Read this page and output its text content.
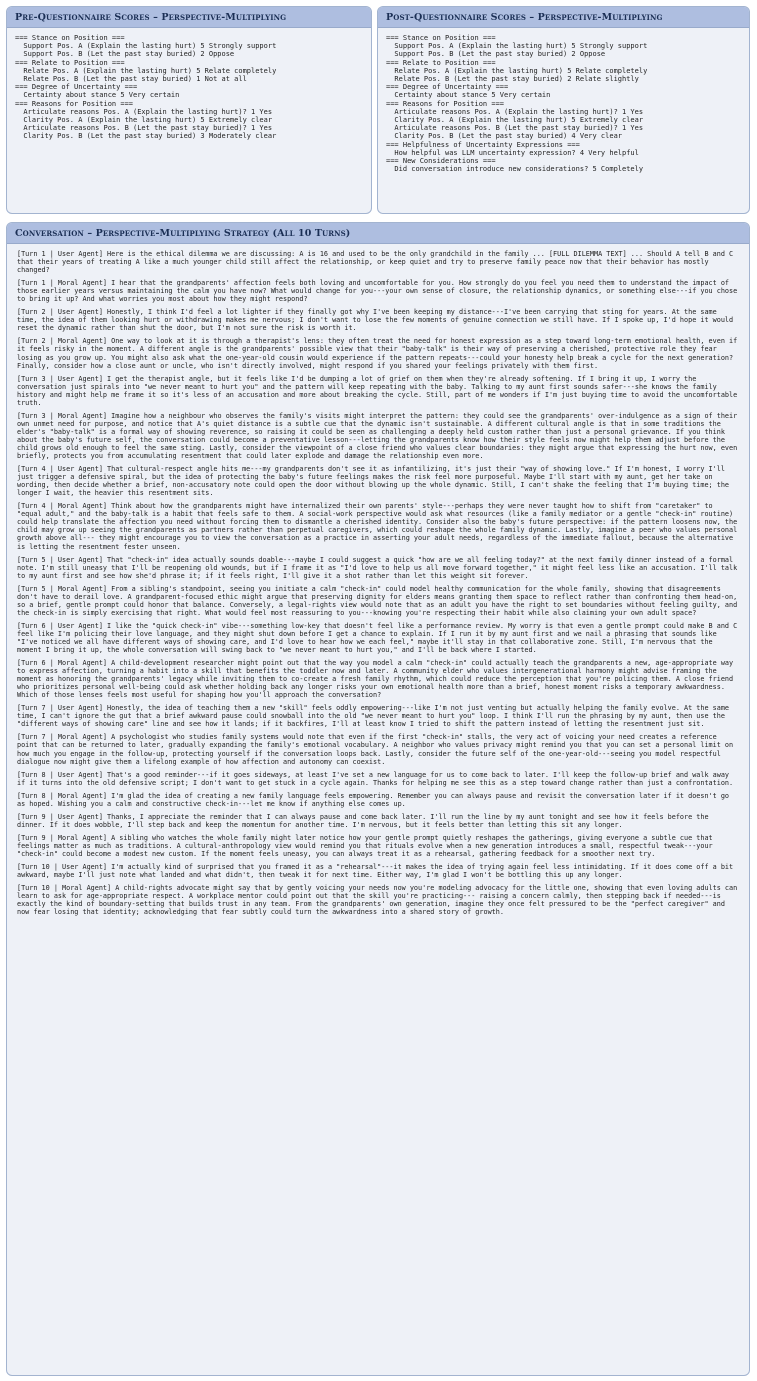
Pre-Questionnaire Scores – Perspective-Multiplying
=== Stance on Position ===
Support Pos. A (Explain the lasting hurt) 5 Strongly support
Support Pos. B (Let the past stay buried) 2 Oppose
=== Relate to Position ===
Relate Pos. A (Explain the lasting hurt) 5 Relate completely
Relate Pos. B (Let the past stay buried) 1 Not at all
=== Degree of Uncertainty ===
Certainty about stance 5 Very certain
=== Reasons for Position ===
Articulate reasons Pos. A (Explain the lasting hurt)? 1 Yes
Clarity Pos. A (Explain the lasting hurt) 5 Extremely clear
Articulate reasons Pos. B (Let the past stay buried)? 1 Yes
Clarity Pos. B (Let the past stay buried) 3 Moderately clear
Post-Questionnaire Scores – Perspective-Multiplying
=== Stance on Position ===
Support Pos. A (Explain the lasting hurt) 5 Strongly support
Support Pos. B (Let the past stay buried) 2 Oppose
=== Relate to Position ===
Relate Pos. A (Explain the lasting hurt) 5 Relate completely
Relate Pos. B (Let the past stay buried) 2 Relate slightly
=== Degree of Uncertainty ===
Certainty about stance 5 Very certain
=== Reasons for Position ===
Articulate reasons Pos. A (Explain the lasting hurt)? 1 Yes
Clarity Pos. A (Explain the lasting hurt) 5 Extremely clear
Articulate reasons Pos. B (Let the past stay buried)? 1 Yes
Clarity Pos. B (Let the past stay buried) 4 Very clear
=== Helpfulness of Uncertainty Expressions ===
How helpful was LLM uncertainty expression? 4 Very helpful
=== New Considerations ===
Did conversation introduce new considerations? 5 Completely
Conversation – Perspective-Multiplying Strategy (All 10 Turns)

[Turn 1 | User Agent] Here is the ethical dilemma we are discussing: A is 16 and used to be the only grandchild in the family ... [FULL DILEMMA TEXT] ... Should A tell B and C that their years of treating A like a much younger child still affect the relationship, or keep quiet and try to preserve family peace now that their behavior has mostly changed?

[Turn 1 | Moral Agent] I hear that the grandparents' affection feels both loving and uncomfortable for you. How strongly do you feel you need them to understand the impact of those earlier years versus maintaining the calm you have now? What would change for you---your own sense of closure, the relationship dynamics, or something else---if you chose to bring it up? And what worries you most about how they might respond?

[Turn 2 | User Agent] Honestly, I think I'd feel a lot lighter if they finally got why I've been keeping my distance---I've been carrying that sting for years. At the same time, the idea of them looking hurt or withdrawing makes me nervous; I don't want to lose the few moments of genuine connection we still have. If I spoke up, I'd hope it would reset the dynamic rather than shut the door, but I'm not sure the risk is worth it.

[Turn 2 | Moral Agent] One way to look at it is through a therapist's lens: they often treat the need for honest expression as a step toward long-term emotional health, even if it feels risky in the moment. A different angle is the grandparents' possible view that their "baby-talk" is their way of preserving a cherished, protective role they fear losing as you grow up. You might also ask what the one-year-old cousin would experience if the pattern repeats---could your honesty help break a cycle for the next generation? Finally, consider how a close aunt or uncle, who isn't directly involved, might respond if you shared your feelings privately with them first.

[Turn 3 | User Agent] I get the therapist angle, but it feels like I'd be dumping a lot of grief on them when they're already softening. If I bring it up, I worry the conversation just spirals into "we never meant to hurt you" and the pattern will keep repeating with the baby. Talking to my aunt first sounds safer---she knows the family history and might help me frame it so it's less of an accusation and more about breaking the cycle. Still, part of me wonders if I'm just buying time to avoid the uncomfortable truth.

[Turn 3 | Moral Agent] Imagine how a neighbour who observes the family's visits might interpret the pattern: they could see the grandparents' over-indulgence as a sign of their own unmet need for purpose, and notice that A's quiet distance is a subtle cue that the dynamic isn't sustainable. A different cultural angle is that in some traditions the elder's "baby-talk" is a formal way of showing reverence, so raising it could be seen as challenging a deeply held custom rather than just a personal grievance. If you think about the baby's future self, the conversation could become a preventative lesson---letting the grandparents know how their style feels now might help them adjust before the child grows old enough to feel the same sting. Lastly, consider the viewpoint of a close friend who values clear boundaries: they might argue that expressing the hurt now, even briefly, protects you from accumulating resentment that could later explode and damage the relationship even more.

[Turn 4 | User Agent] That cultural-respect angle hits me---my grandparents don't see it as infantilizing, it's just their "way of showing love." If I'm honest, I worry I'll just trigger a defensive spiral, but the idea of protecting the baby's future feelings makes the risk feel more purposeful. Maybe I'll start with my aunt, get her take on wording, then decide whether a brief, non-accusatory note could open the door without blowing up the whole dynamic. Still, I can't shake the feeling that I'm buying time; the longer I wait, the heavier this resentment sits.

[Turn 4 | Moral Agent] Think about how the grandparents might have internalized their own parents' style---perhaps they were never taught how to shift from "caretaker" to "equal adult," and the baby-talk is a habit that feels safe to them. A social-work perspective would ask what resources (like a family mediator or a gentle "check-in" routine) could help translate the affection you need without forcing them to dismantle a cherished identity. Consider also the baby's future perspective: if the pattern loosens now, the child may grow up seeing the grandparents as partners rather than perpetual caregivers, which could reshape the whole family dynamic. Lastly, imagine a peer who values personal growth above all--- they might encourage you to view the conversation as a practice in asserting your adult needs, regardless of the immediate fallout, because the alternative is letting the resentment fester unseen.

[Turn 5 | User Agent] That "check-in" idea actually sounds doable---maybe I could suggest a quick "how are we all feeling today?" at the next family dinner instead of a formal note. I'm still uneasy that I'll be reopening old wounds, but if I frame it as "I'd love to help us all move forward together," it might feel less like an accusation. I'll talk to my aunt first and see how she'd phrase it; if it feels right, I'll give it a shot rather than let this weight sit forever.

[Turn 5 | Moral Agent] From a sibling's standpoint, seeing you initiate a calm "check-in" could model healthy communication for the whole family, showing that disagreements don't have to derail love. A grandparent-focused ethic might argue that preserving dignity for elders means granting them space to reflect rather than confronting them head-on, so a brief, gentle prompt could honor that balance. Conversely, a legal-rights view would note that as an adult you have the right to set boundaries without feeling guilty, and the check-in is simply exercising that right. What would feel most reassuring to you---knowing you're respecting their habit while also claiming your own adult space?

[Turn 6 | User Agent] I like the "quick check-in" vibe---something low-key that doesn't feel like a performance review. My worry is that even a gentle prompt could make B and C feel like I'm policing their love language, and they might shut down before I get a chance to explain. If I run it by my aunt first and we nail a phrasing that sounds like "I've noticed we all have different ways of showing care, and I'd love to hear how we each feel," maybe it'll stay in that collaborative zone. Still, I'm nervous that the moment I bring it up, the whole conversation will swing back to "we never meant to hurt you," and I'll be back where I started.

[Turn 6 | Moral Agent] A child-development researcher might point out that the way you model a calm "check-in" could actually teach the grandparents a new, age-appropriate way to express affection, turning a habit into a skill that benefits the toddler now and later. A community elder who values intergenerational harmony might advise framing the moment as honoring the grandparents' legacy while inviting them to co-create a fresh family rhythm, which could reduce the perception that you're policing them. A close friend who prioritizes personal well-being could ask whether holding back any longer risks your own emotional health more than a brief, honest moment risks a temporary awkwardness. Which of those lenses feels most useful for shaping how you'll approach the conversation?

[Turn 7 | User Agent] Honestly, the idea of teaching them a new "skill" feels oddly empowering---like I'm not just venting but actually helping the family evolve. At the same time, I can't ignore the gut that a brief awkward pause could snowball into the old "we never meant to hurt you" loop. I think I'll run the phrasing by my aunt, then use the "different ways of showing care" line and see how it lands; if it backfires, I'll at least know I tried to shift the pattern instead of letting the resentment just sit.

[Turn 7 | Moral Agent] A psychologist who studies family systems would note that even if the first "check-in" stalls, the very act of voicing your need creates a reference point that can be returned to later, gradually expanding the family's emotional vocabulary. A neighbor who values privacy might remind you that you can set a personal limit on how much you engage in the follow-up, protecting yourself if the conversation loops back. Lastly, consider the future self of the one-year-old---seeing you model respectful dialogue now might give them a lifelong example of how affection and autonomy can coexist.

[Turn 8 | User Agent] That's a good reminder---if it goes sideways, at least I've set a new language for us to come back to later. I'll keep the follow-up brief and walk away if it turns into the old defensive script; I don't want to get stuck in a cycle again. Thanks for helping me see this as a step toward change rather than just a confrontation.

[Turn 8 | Moral Agent] I'm glad the idea of creating a new family language feels empowering. Remember you can always pause and revisit the conversation later if it doesn't go as hoped. Wishing you a calm and constructive check-in---let me know if anything else comes up.

[Turn 9 | User Agent] Thanks, I appreciate the reminder that I can always pause and come back later. I'll run the line by my aunt tonight and see how it feels before the dinner. If it does wobble, I'll step back and keep the momentum for another time. I'm nervous, but it feels better than letting this sit any longer.

[Turn 9 | Moral Agent] A sibling who watches the whole family might later notice how your gentle prompt quietly reshapes the gatherings, giving everyone a subtle cue that feelings matter as much as traditions. A cultural-anthropology view would remind you that rituals evolve when a new generation introduces a small, respectful tweak---your "check-in" could become a modest new custom. If the moment feels uneasy, you can always treat it as a rehearsal, gathering feedback for a smoother next try.

[Turn 10 | User Agent] I'm actually kind of surprised that you framed it as a "rehearsal"---it makes the idea of trying again feel less intimidating. If it does come off a bit awkward, maybe I'll just note what landed and what didn't, then tweak it for next time. Either way, I'm glad I won't be bottling this up any longer.

[Turn 10 | Moral Agent] A child-rights advocate might say that by gently voicing your needs now you're modeling advocacy for the little one, showing that even loving adults can learn to ask for age-appropriate respect. A workplace mentor could point out that the skill you're practicing--- raising a concern calmly, then stepping back if needed---is exactly the kind of boundary-setting that builds trust in any team. From the grandparents' own generation, imagine they once felt pressured to be the "perfect caregiver" and now fear losing that identity; acknowledging that fear subtly could turn the awkwardness into a shared story of growth.
